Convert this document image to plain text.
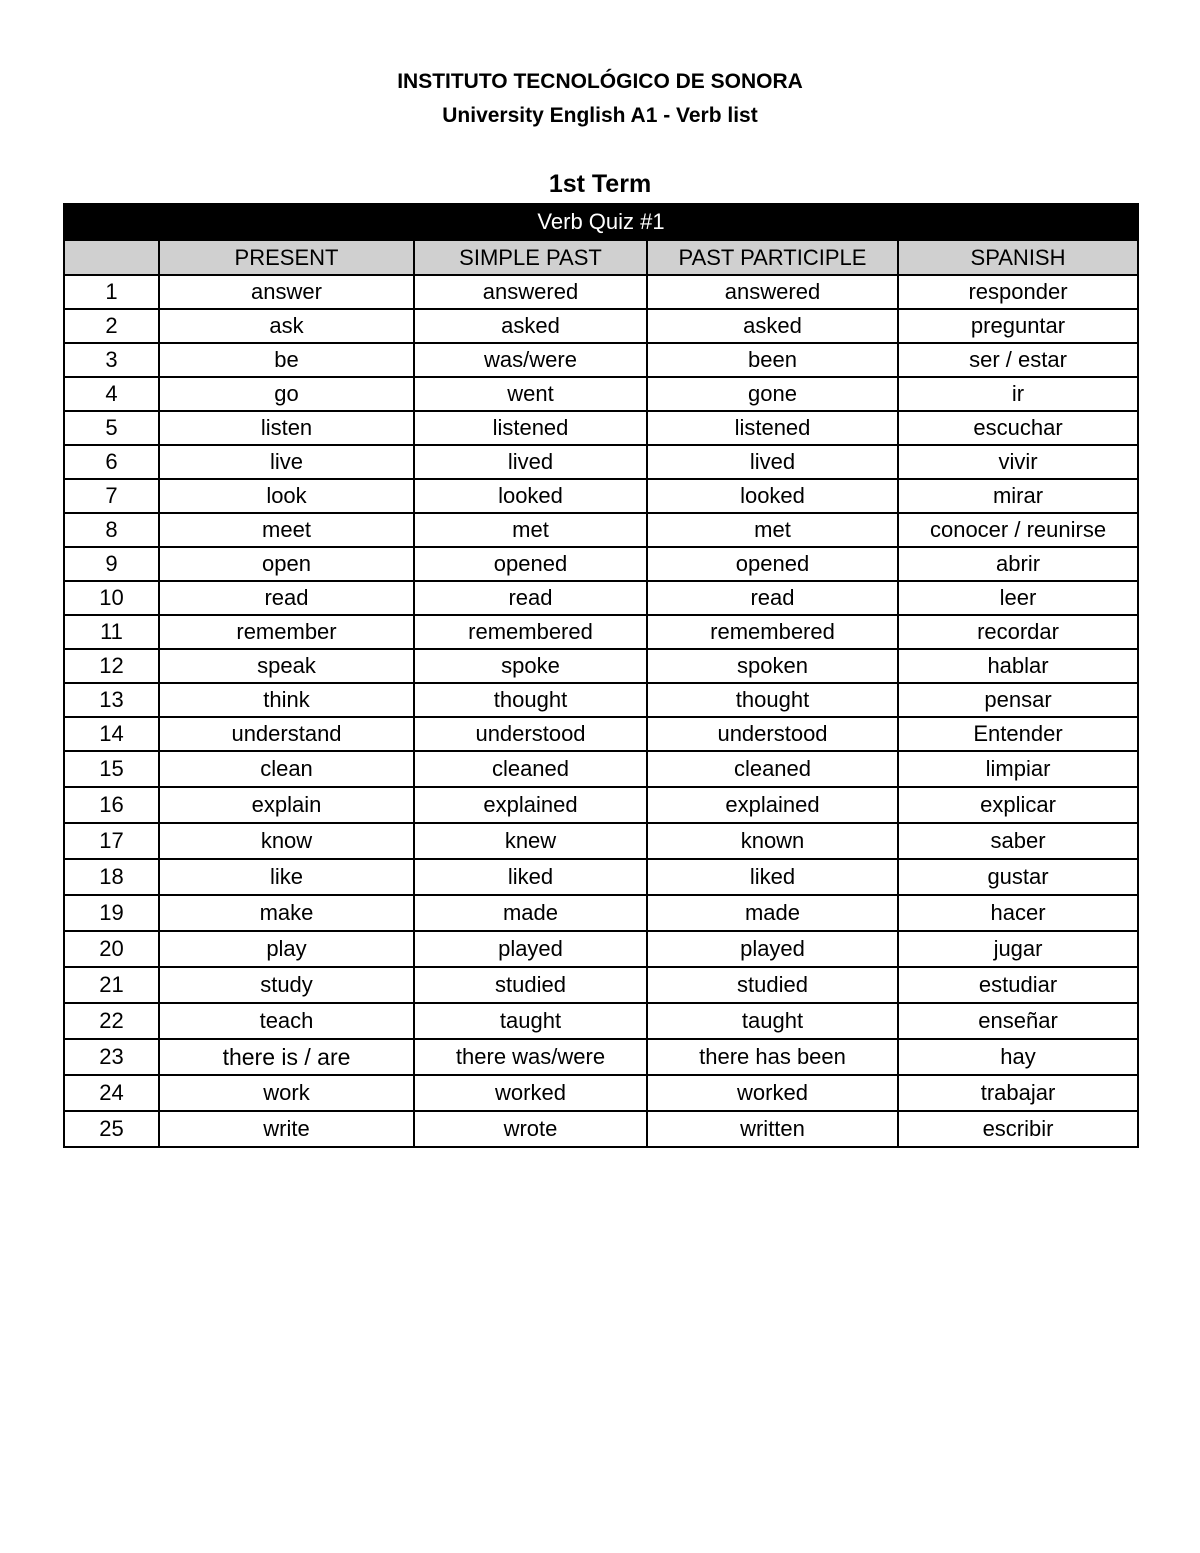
INSTITUTO TECNOLÓGICO DE SONORA
University English A1 - Verb list
1st Term
Verb Quiz #1				
	PRESENT	SIMPLE PAST	PAST PARTICIPLE	SPANISH
1	answer	answered	answered	responder
2	ask	asked	asked	preguntar
3	be	was/were	been	ser / estar
4	go	went	gone	ir
5	listen	listened	listened	escuchar
6	live	lived	lived	vivir
7	look	looked	looked	mirar
8	meet	met	met	conocer / reunirse
9	open	opened	opened	abrir
10	read	read	read	leer
11	remember	remembered	remembered	recordar
12	speak	spoke	spoken	hablar
13	think	thought	thought	pensar
14	understand	understood	understood	Entender
15	clean	cleaned	cleaned	limpiar
16	explain	explained	explained	explicar
17	know	knew	known	saber
18	like	liked	liked	gustar
19	make	made	made	hacer
20	play	played	played	jugar
21	study	studied	studied	estudiar
22	teach	taught	taught	enseñar
23	there is / are	there was/were	there has been	hay
24	work	worked	worked	trabajar
25	write	wrote	written	escribir
